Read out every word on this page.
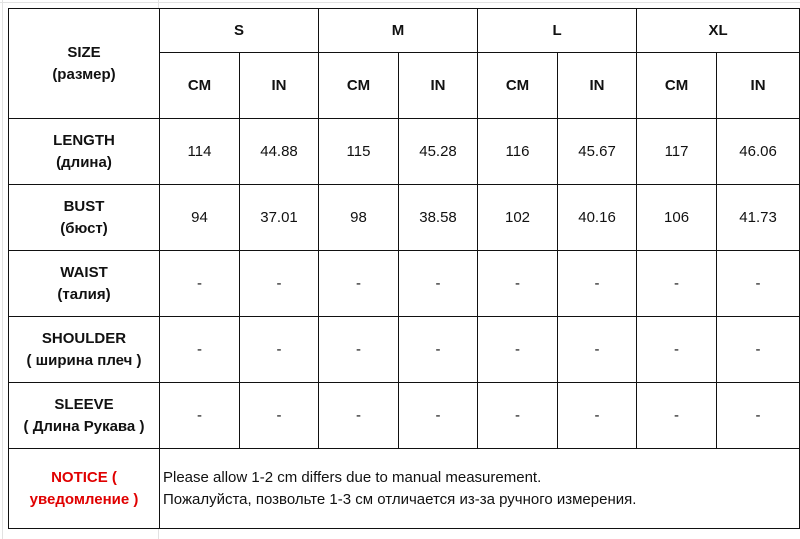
SIZE
(размер)	S		M		L		XL	
	CM	IN	CM	IN	CM	IN	CM	IN

LENGTH
(длина)	114	44.88	115	45.28	116	45.67	117	46.06

BUST
(бюст)	94	37.01	98	38.58	102	40.16	106	41.73

WAIST
(талия)	-	-	-	-	-	-	-	-

SHOULDER
( ширина плеч )	-	-	-	-	-	-	-	-

SLEEVE
( Длина Рукава )	-	-	-	-	-	-	-	-
NOTICE ( уведомление )	Please allow 1-2 cm differs due to manual measurement.
Пожалуйста, позвольте 1-3 см отличается из-за ручного измерения.							
